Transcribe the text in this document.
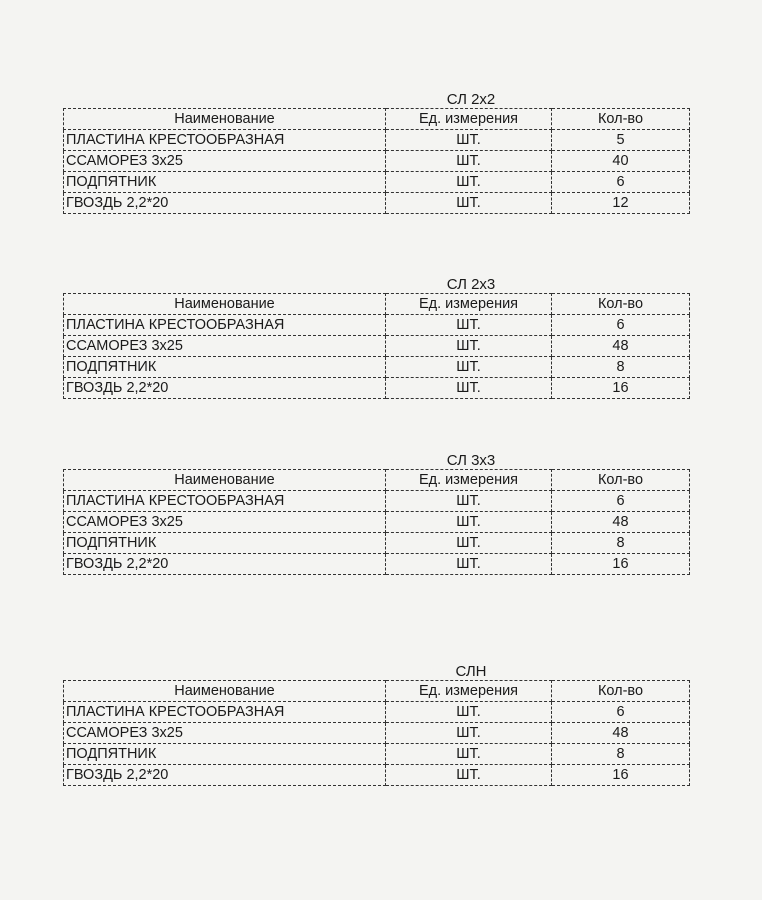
СЛ 2х2
Наименование	Ед. измерения	Кол-во
ПЛАСТИНА КРЕСТООБРАЗНАЯ	ШТ.	5
ССАМОРЕЗ 3х25	ШТ.	40
ПОДПЯТНИК	ШТ.	6
ГВОЗДЬ 2,2*20	ШТ.	12
СЛ 2х3
Наименование	Ед. измерения	Кол-во
ПЛАСТИНА КРЕСТООБРАЗНАЯ	ШТ.	6
ССАМОРЕЗ 3х25	ШТ.	48
ПОДПЯТНИК	ШТ.	8
ГВОЗДЬ 2,2*20	ШТ.	16
СЛ 3х3
Наименование	Ед. измерения	Кол-во
ПЛАСТИНА КРЕСТООБРАЗНАЯ	ШТ.	6
ССАМОРЕЗ 3х25	ШТ.	48
ПОДПЯТНИК	ШТ.	8
ГВОЗДЬ 2,2*20	ШТ.	16
СЛН
Наименование	Ед. измерения	Кол-во
ПЛАСТИНА КРЕСТООБРАЗНАЯ	ШТ.	6
ССАМОРЕЗ 3х25	ШТ.	48
ПОДПЯТНИК	ШТ.	8
ГВОЗДЬ 2,2*20	ШТ.	16
